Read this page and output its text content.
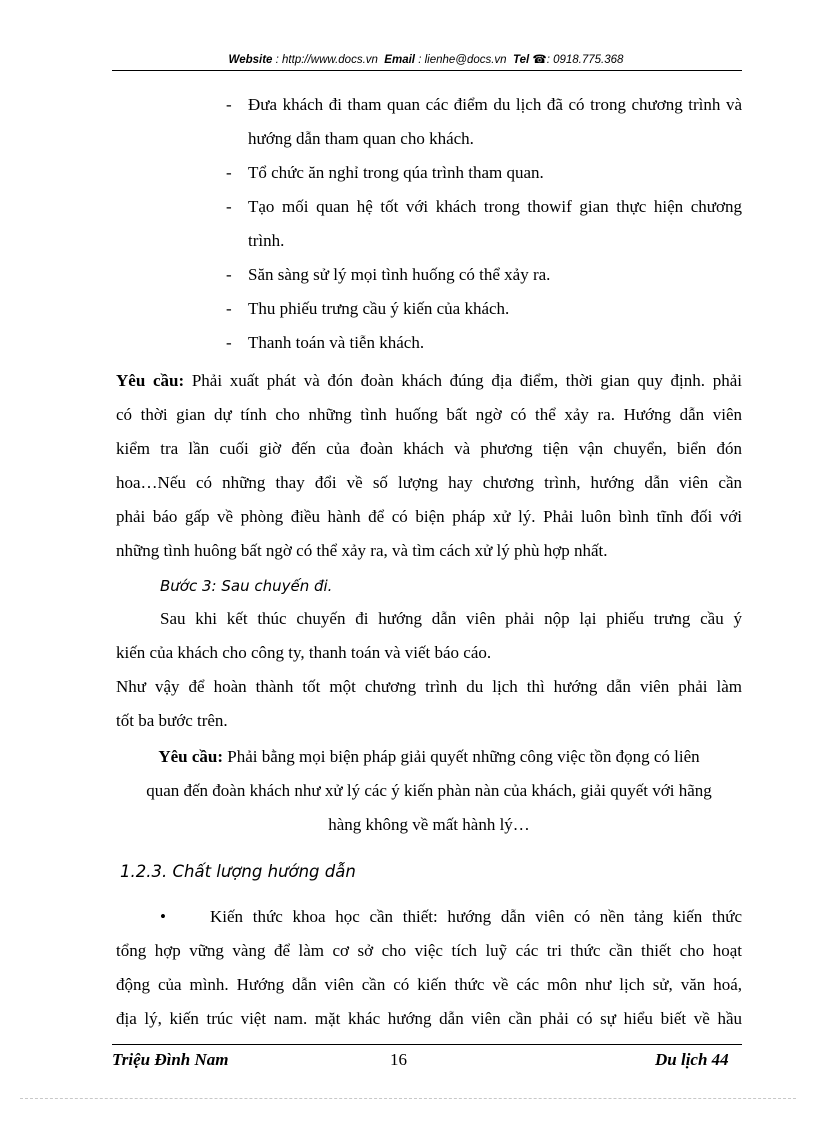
Website : http://www.docs.vn Email : lienhe@docs.vn Tel ☎: 0918.775.368
- Đưa khách đi tham quan các điểm du lịch đã có trong chương trình và hướng dẫn tham quan cho khách.
- Tổ chức ăn nghỉ trong qúa trình tham quan.
- Tạo mối quan hệ tốt với khách trong thowif gian thực hiện chương trình.
- Săn sàng sử lý mọi tình huống có thể xảy ra.
- Thu phiếu trưng cầu ý kiến của khách.
- Thanh toán và tiễn khách.
Yêu cầu: Phải xuất phát và đón đoàn khách đúng địa điểm, thời gian quy định. phải
có thời gian dự tính cho những tình huống bất ngờ có thể xảy ra. Hướng dẫn viên
kiểm tra lần cuối giờ đến của đoàn khách và phương tiện vận chuyển, biển đón
hoa…Nếu có những thay đổi về số lượng hay chương trình, hướng dẫn viên cần
phải báo gấp về phòng điều hành để có biện pháp xử lý. Phải luôn bình tĩnh đối với
những tình huông bất ngờ có thể xảy ra, và tìm cách xử lý phù hợp nhất.
Bước 3: Sau chuyến đi.
Sau khi kết thúc chuyến đi hướng dẫn viên phải nộp lại phiếu trưng cầu ý
kiến của khách cho công ty, thanh toán và viết báo cáo.
Như vậy để hoàn thành tốt một chương trình du lịch thì hướng dẫn viên phải làm
tốt ba bước trên.
Yêu cầu: Phải bằng mọi biện pháp giải quyết những công việc tồn đọng có liên
quan đến đoàn khách như xử lý các ý kiến phàn nàn của khách, giải quyết với hãng
hàng không về mất hành lý…
1.2.3. Chất lượng hướng dẫn
•	Kiến thức khoa học cần thiết: hướng dẫn viên có nền tảng kiến thức
tổng hợp vững vàng để làm cơ sở cho việc tích luỹ các tri thức cần thiết cho hoạt
động của mình. Hướng dẫn viên cần có kiến thức về các môn như lịch sử, văn hoá,
địa lý, kiến trúc việt nam. mặt khác hướng dẫn viên cần phải có sự hiểu biết về hầu
Triệu Đình Nam	16	Du lịch 44
